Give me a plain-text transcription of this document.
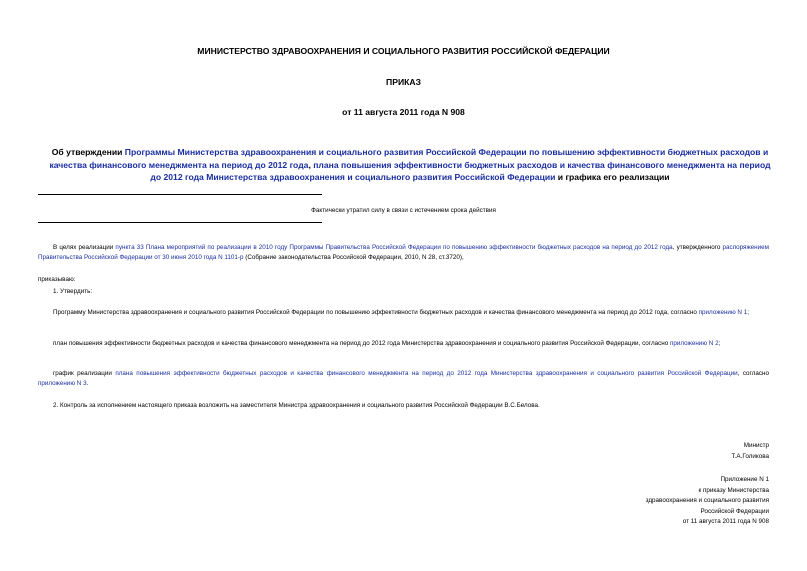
МИНИСТЕРСТВО ЗДРАВООХРАНЕНИЯ И СОЦИАЛЬНОГО РАЗВИТИЯ РОССИЙСКОЙ ФЕДЕРАЦИИ
ПРИКАЗ
от 11 августа 2011 года N 908
Об утверждении Программы Министерства здравоохранения и социального развития Российской Федерации по повышению эффективности бюджетных расходов и качества финансового менеджмента на период до 2012 года, плана повышения эффективности бюджетных расходов и качества финансового менеджмента на период до 2012 года Министерства здравоохранения и социального развития Российской Федерации и графика его реализации
Фактически утратил силу в связи с истечением срока действия
В целях реализации пункта 33 Плана мероприятий по реализации в 2010 году Программы Правительства Российской Федерации по повышению эффективности бюджетных расходов на период до 2012 года, утвержденного распоряжением Правительства Российской Федерации от 30 июня 2010 года N 1101-р (Собрание законодательства Российской Федерации, 2010, N 28, ст.3720),
приказываю:
1. Утвердить:
Программу Министерства здравоохранения и социального развития Российской Федерации по повышению эффективности бюджетных расходов и качества финансового менеджмента на период до 2012 года, согласно приложению N 1;
план повышения эффективности бюджетных расходов и качества финансового менеджмента на период до 2012 года Министерства здравоохранения и социального развития Российской Федерации, согласно приложению N 2;
график реализации плана повышения эффективности бюджетных расходов и качества финансового менеджмента на период до 2012 года Министерства здравоохранения и социального развития Российской Федерации, согласно приложению N 3.
2. Контроль за исполнением настоящего приказа возложить на заместителя Министра здравоохранения и социального развития Российской Федерации В.С.Белова.
Министр
Т.А.Голикова
Приложение N 1
к приказу Министерства
здравоохранения и социального развития
Российской Федерации
от 11 августа 2011 года N 908
